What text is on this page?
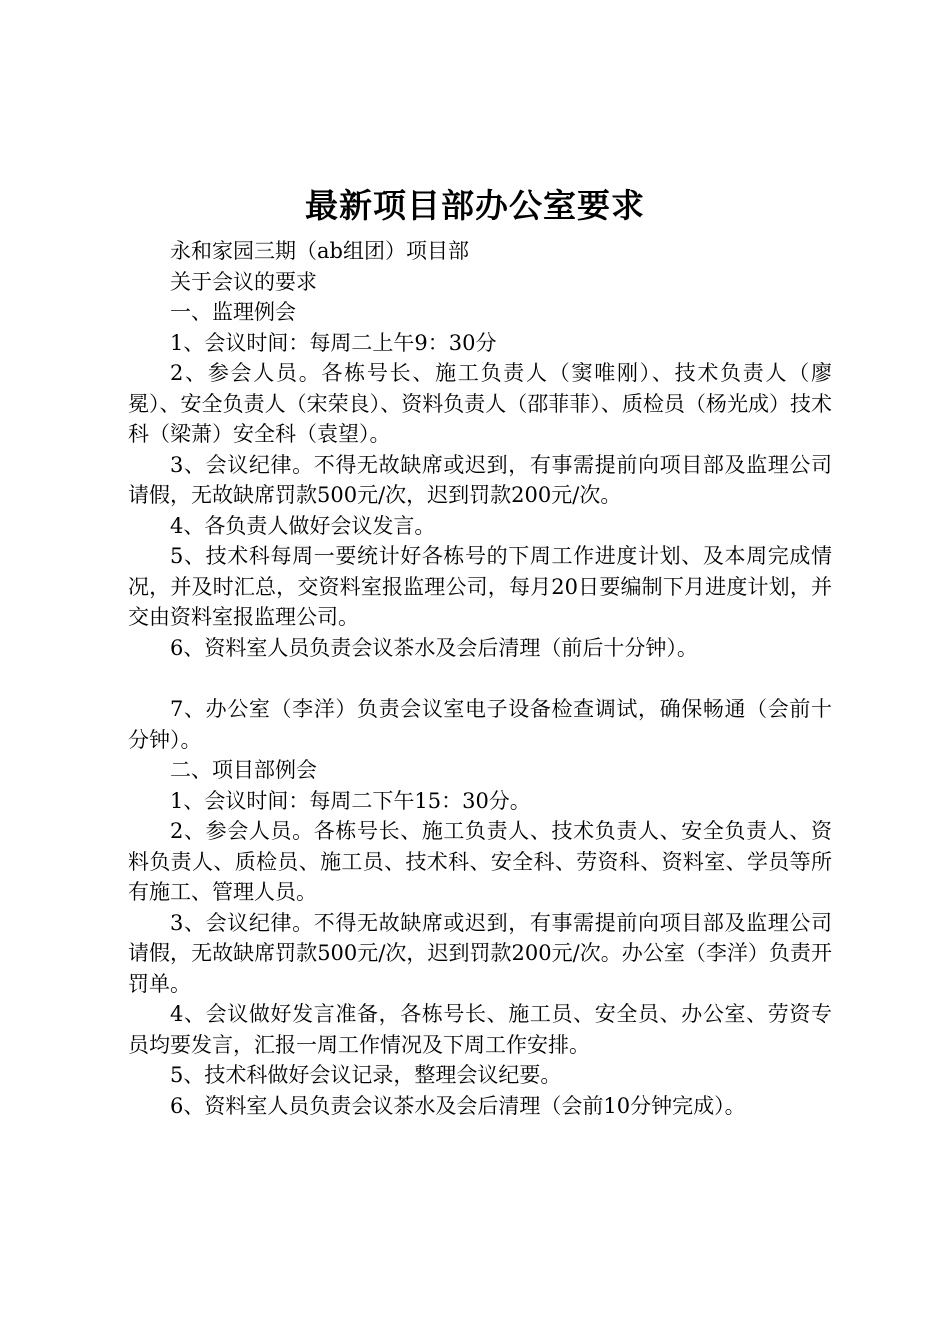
最新项目部办公室要求

永和家园三期（ab组团）项目部

关于会议的要求

一、监理例会

1、会议时间：每周二上午9：30分

2、参会人员。各栋号长、施工负责人（窦唯刚）、技术负责人（廖冕）、安全负责人（宋荣良）、资料负责人（邵菲菲）、质检员（杨光成）技术科（梁萧）安全科（袁望）。

3、会议纪律。不得无故缺席或迟到，有事需提前向项目部及监理公司请假，无故缺席罚款500元/次，迟到罚款200元/次。

4、各负责人做好会议发言。

5、技术科每周一要统计好各栋号的下周工作进度计划、及本周完成情况，并及时汇总，交资料室报监理公司，每月20日要编制下月进度计划，并交由资料室报监理公司。

6、资料室人员负责会议茶水及会后清理（前后十分钟）。

7、办公室（李洋）负责会议室电子设备检查调试，确保畅通（会前十分钟）。

二、项目部例会

1、会议时间：每周二下午15：30分。

2、参会人员。各栋号长、施工负责人、技术负责人、安全负责人、资料负责人、质检员、施工员、技术科、安全科、劳资科、资料室、学员等所有施工、管理人员。

3、会议纪律。不得无故缺席或迟到，有事需提前向项目部及监理公司请假，无故缺席罚款500元/次，迟到罚款200元/次。办公室（李洋）负责开罚单。

4、会议做好发言准备，各栋号长、施工员、安全员、办公室、劳资专员均要发言，汇报一周工作情况及下周工作安排。

5、技术科做好会议记录，整理会议纪要。

6、资料室人员负责会议茶水及会后清理（会前10分钟完成）。
